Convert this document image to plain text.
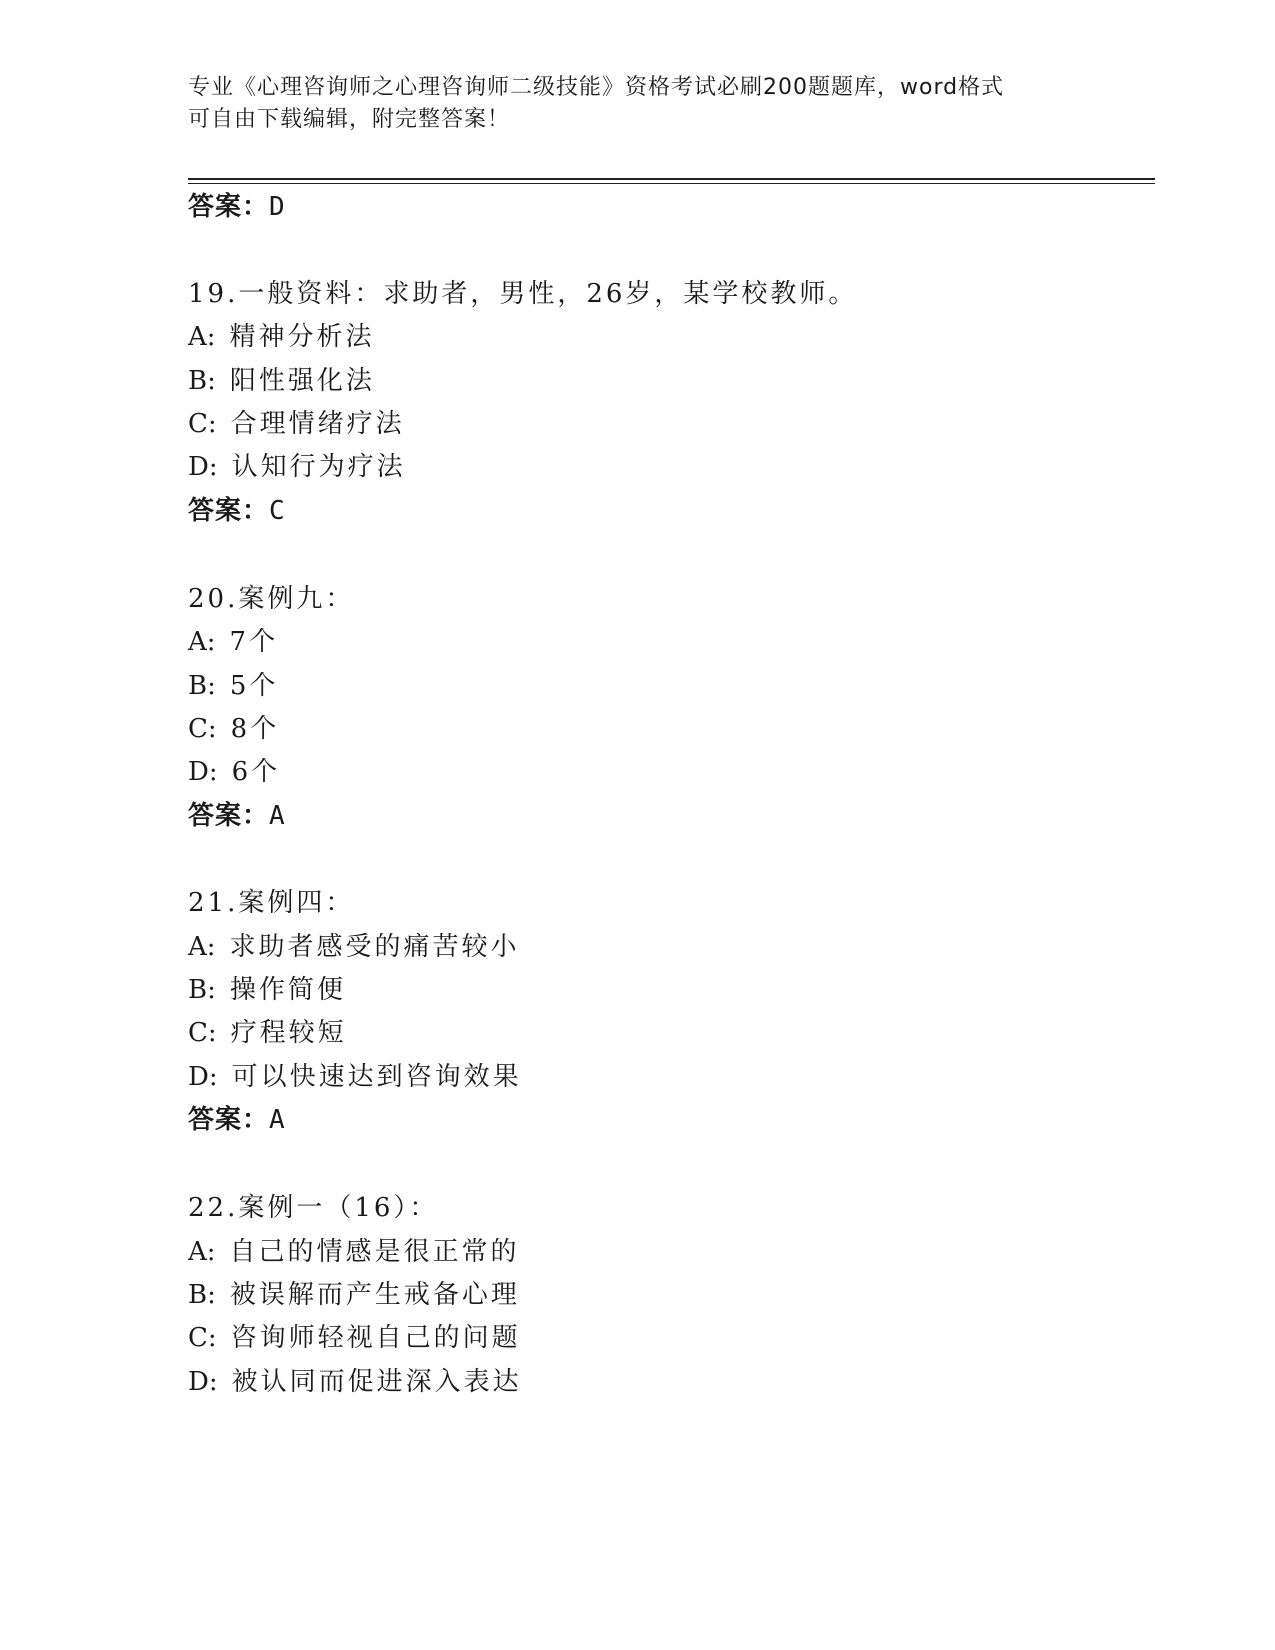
专业《心理咨询师之心理咨询师二级技能》资格考试必刷200题题库，word格式
可自由下载编辑，附完整答案！
答案：D
19.一般资料：求助者，男性，26岁，某学校教师。
A: 精神分析法
B: 阳性强化法
C: 合理情绪疗法
D: 认知行为疗法
答案：C
20.案例九：
A: 7个
B: 5个
C: 8个
D: 6个
答案：A
21.案例四：
A: 求助者感受的痛苦较小
B: 操作简便
C: 疗程较短
D: 可以快速达到咨询效果
答案：A
22.案例一（16）：
A: 自己的情感是很正常的
B: 被误解而产生戒备心理
C: 咨询师轻视自己的问题
D: 被认同而促进深入表达
